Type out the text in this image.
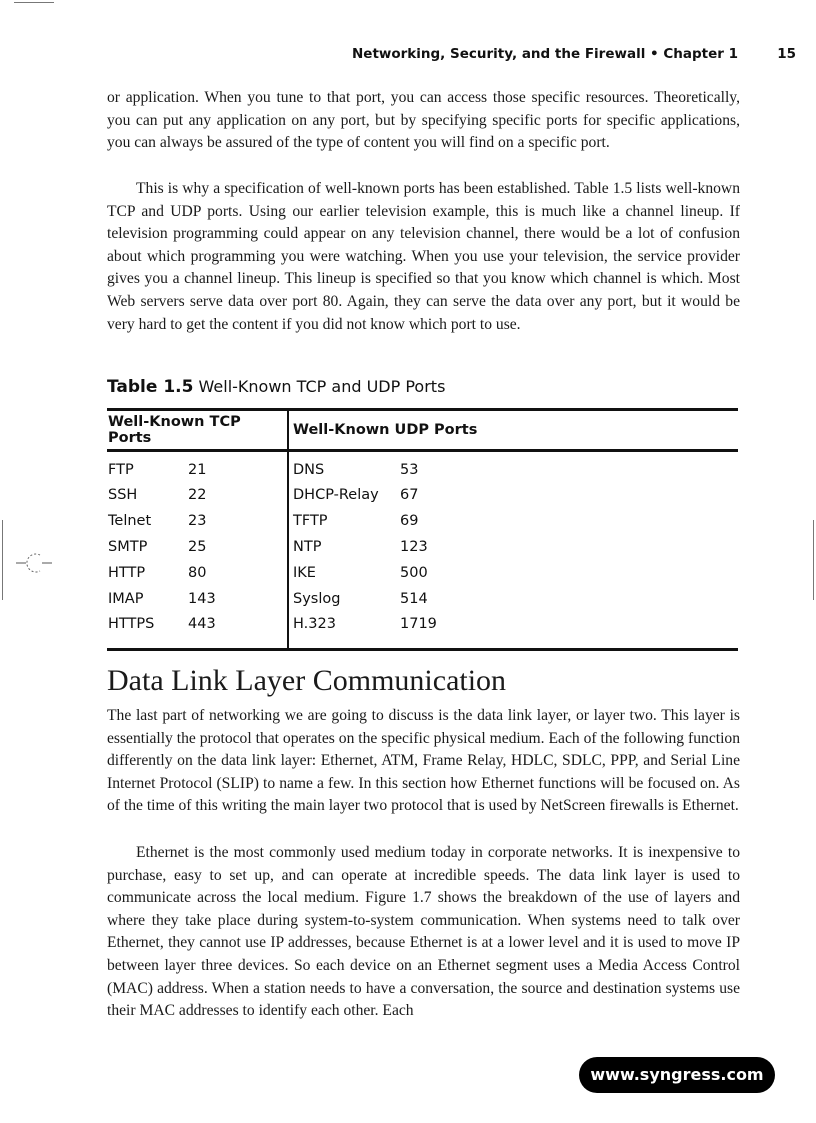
Networking, Security, and the Firewall • Chapter 1	15

or application. When you tune to that port, you can access those specific resources. Theoretically, you can put any application on any port, but by specifying specific ports for specific applications, you can always be assured of the type of content you will find on a specific port.

This is why a specification of well-known ports has been established. Table 1.5 lists well-known TCP and UDP ports. Using our earlier television example, this is much like a channel lineup. If television programming could appear on any television channel, there would be a lot of confusion about which programming you were watching. When you use your television, the service provider gives you a channel lineup. This lineup is specified so that you know which channel is which. Most Web servers serve data over port 80. Again, they can serve the data over any port, but it would be very hard to get the content if you did not know which port to use.

Table 1.5 Well-Known TCP and UDP Ports

Well-Known TCP Ports		Well-Known UDP Ports	
FTP	21	DNS	53
SSH	22	DHCP-Relay	67
Telnet	23	TFTP	69
SMTP	25	NTP	123
HTTP	80	IKE	500
IMAP	143	Syslog	514
HTTPS	443	H.323	1719
Data Link Layer Communication

The last part of networking we are going to discuss is the data link layer, or layer two. This layer is essentially the protocol that operates on the specific physical medium. Each of the following function differently on the data link layer: Ethernet, ATM, Frame Relay, HDLC, SDLC, PPP, and Serial Line Internet Protocol (SLIP) to name a few. In this section how Ethernet functions will be focused on. As of the time of this writing the main layer two protocol that is used by NetScreen firewalls is Ethernet.

Ethernet is the most commonly used medium today in corporate networks. It is inexpensive to purchase, easy to set up, and can operate at incredible speeds. The data link layer is used to communicate across the local medium. Figure 1.7 shows the breakdown of the use of layers and where they take place during system-to-system communication. When systems need to talk over Ethernet, they cannot use IP addresses, because Ethernet is at a lower level and it is used to move IP between layer three devices. So each device on an Ethernet segment uses a Media Access Control (MAC) address. When a station needs to have a conversation, the source and destination systems use their MAC addresses to identify each other. Each

www.syngress.com
